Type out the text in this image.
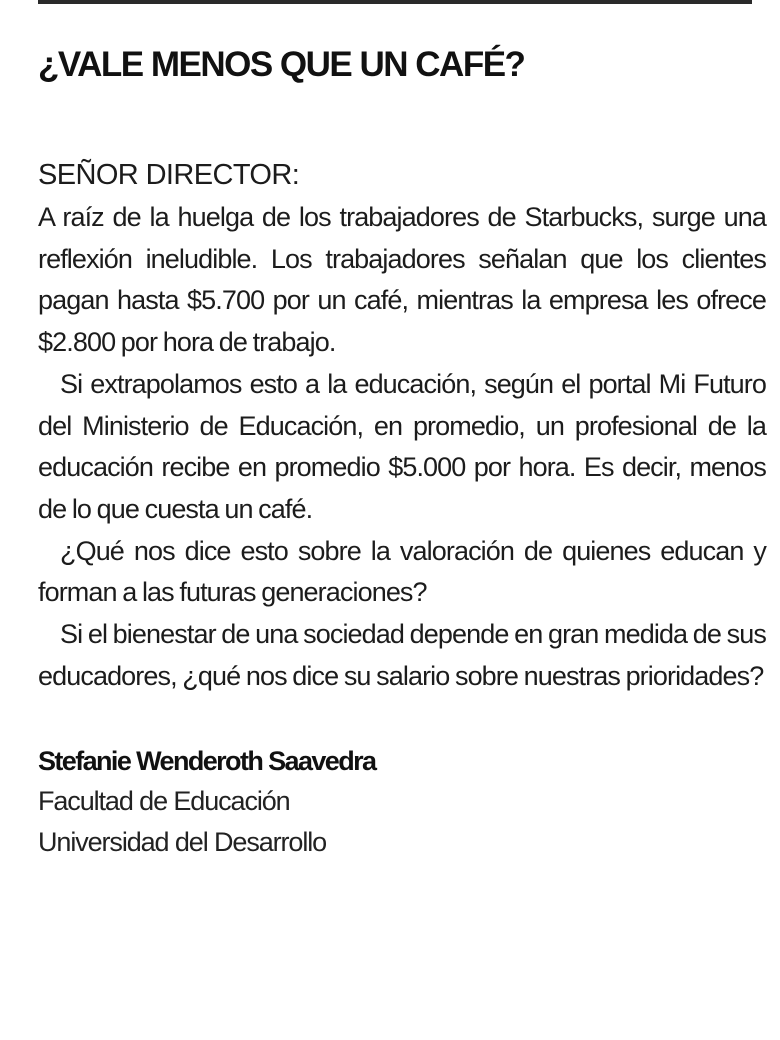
¿VALE MENOS QUE UN CAFÉ?

SEÑOR DIRECTOR:

A raíz de la huelga de los trabajadores de Starbucks, surge una reflexión ineludible. Los trabajadores señalan que los clientes pagan hasta $5.700 por un café, mientras la empresa les ofrece $2.800 por hora de trabajo.

Si extrapolamos esto a la educación, según el portal Mi Futuro del Ministerio de Educación, en promedio, un profesional de la educación recibe en promedio $5.000 por hora. Es decir, menos de lo que cuesta un café.

¿Qué nos dice esto sobre la valoración de quienes educan y forman a las futuras generaciones?

Si el bienestar de una sociedad depende en gran medida de sus educadores, ¿qué nos dice su salario sobre nuestras prioridades?

Stefanie Wenderoth Saavedra

Facultad de Educación

Universidad del Desarrollo
